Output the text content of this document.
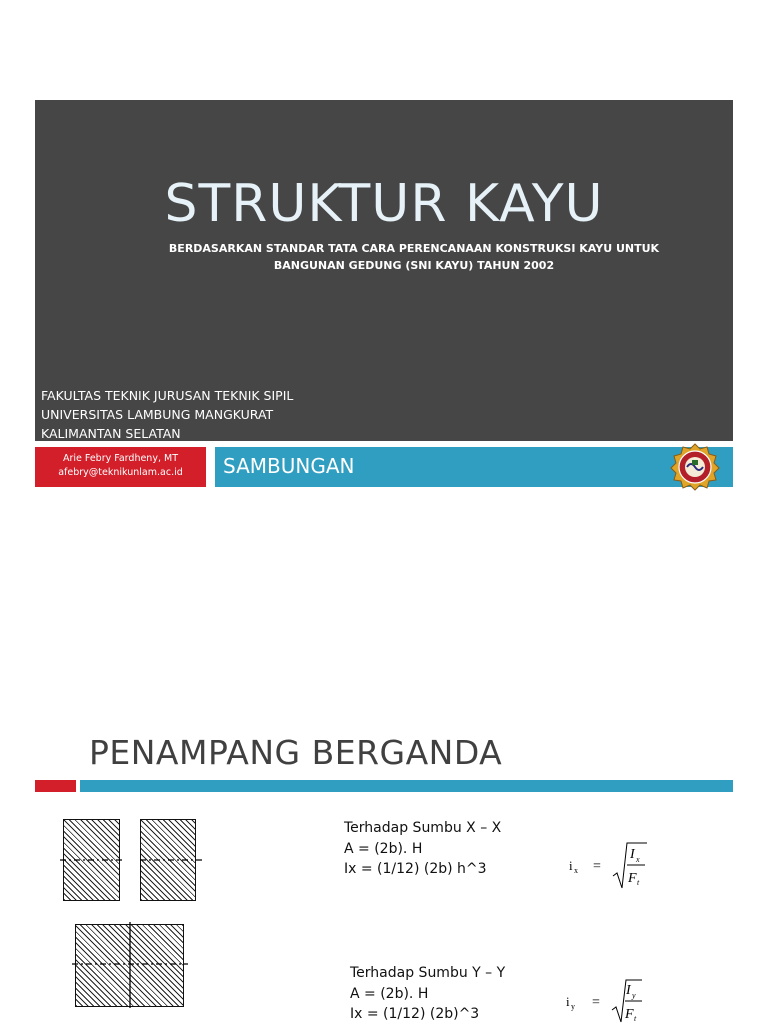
STRUKTUR KAYU
BERDASARKAN STANDAR TATA CARA PERENCANAAN KONSTRUKSI KAYU UNTUK
BANGUNAN GEDUNG (SNI KAYU) TAHUN 2002
FAKULTAS TEKNIK JURUSAN TEKNIK SIPIL
UNIVERSITAS LAMBUNG MANGKURAT
KALIMANTAN SELATAN
Arie Febry Fardheny, MT
afebry@teknikunlam.ac.id	SAMBUNGAN
PENAMPANG BERGANDA
Terhadap Sumbu X – X
A = (2b). H
Ix = (1/12) (2b) h^3	i x =
I x
F t
Terhadap Sumbu Y – Y
A = (2b). H
Ix = (1/12) (2b)^3
i y =
I y
F t
